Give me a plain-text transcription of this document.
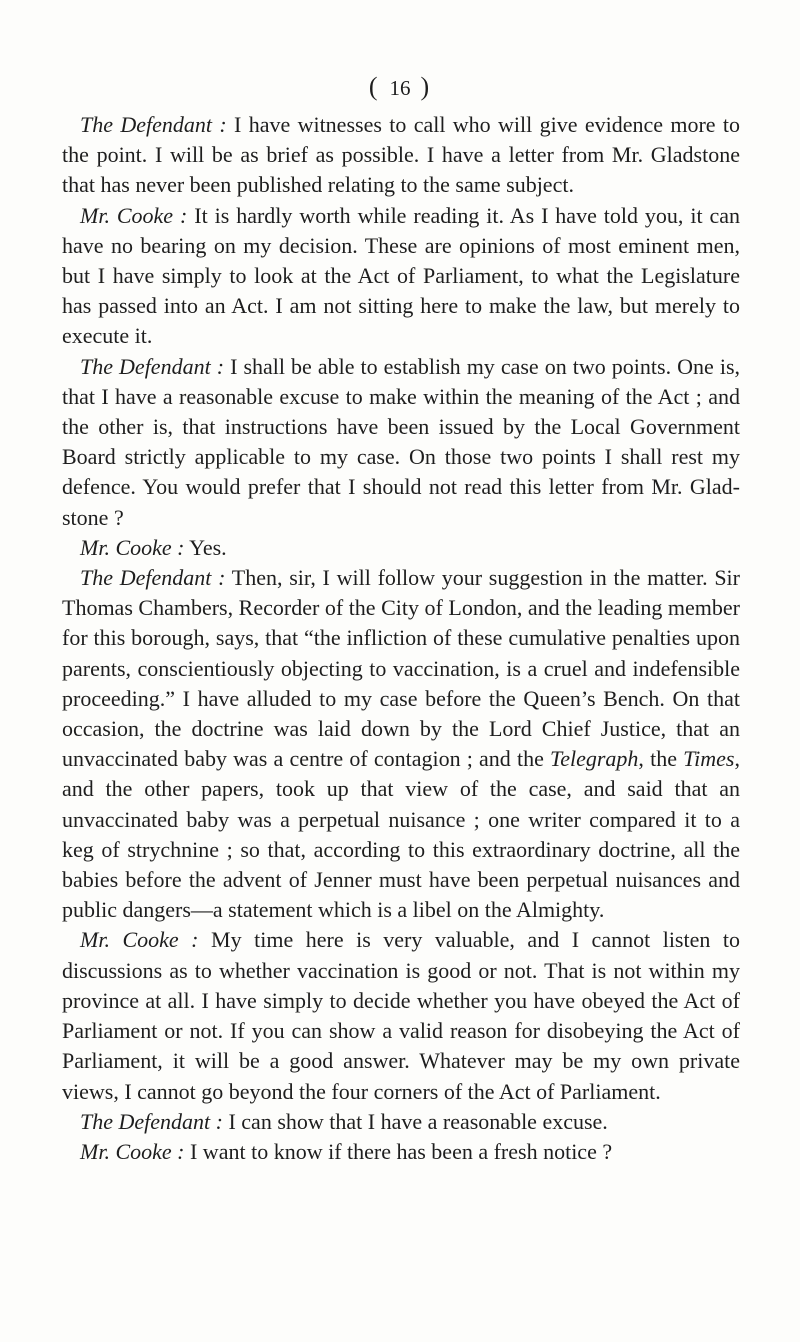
( 16 )

The Defendant : I have witnesses to call who will give evidence more to the point. I will be as brief as possible. I have a letter from Mr. Gladstone that has never been published relating to the same subject.

Mr. Cooke : It is hardly worth while reading it. As I have told you, it can have no bearing on my decision. These are opinions of most eminent men, but I have simply to look at the Act of Parliament, to what the Legislature has passed into an Act. I am not sitting here to make the law, but merely to execute it.

The Defendant : I shall be able to establish my case on two points. One is, that I have a reasonable excuse to make within the meaning of the Act ; and the other is, that instructions have been issued by the Local Government Board strictly applicable to my case. On those two points I shall rest my defence. You would prefer that I should not read this letter from Mr. Gladstone ?

Mr. Cooke : Yes.

The Defendant : Then, sir, I will follow your suggestion in the matter. Sir Thomas Chambers, Recorder of the City of London, and the leading member for this borough, says, that “the infliction of these cumulative penalties upon parents, conscientiously objecting to vaccination, is a cruel and indefensible proceeding.” I have alluded to my case before the Queen’s Bench. On that occasion, the doctrine was laid down by the Lord Chief Justice, that an unvaccinated baby was a centre of contagion ; and the Telegraph, the Times, and the other papers, took up that view of the case, and said that an unvaccinated baby was a perpetual nuisance ; one writer compared it to a keg of strychnine ; so that, according to this extraordinary doctrine, all the babies before the advent of Jenner must have been perpetual nuisances and public dangers—a statement which is a libel on the Almighty.

Mr. Cooke : My time here is very valuable, and I cannot listen to discussions as to whether vaccination is good or not. That is not within my province at all. I have simply to decide whether you have obeyed the Act of Parliament or not. If you can show a valid reason for disobeying the Act of Parliament, it will be a good answer. Whatever may be my own private views, I cannot go beyond the four corners of the Act of Parliament.

The Defendant : I can show that I have a reasonable excuse.

Mr. Cooke : I want to know if there has been a fresh notice ?
